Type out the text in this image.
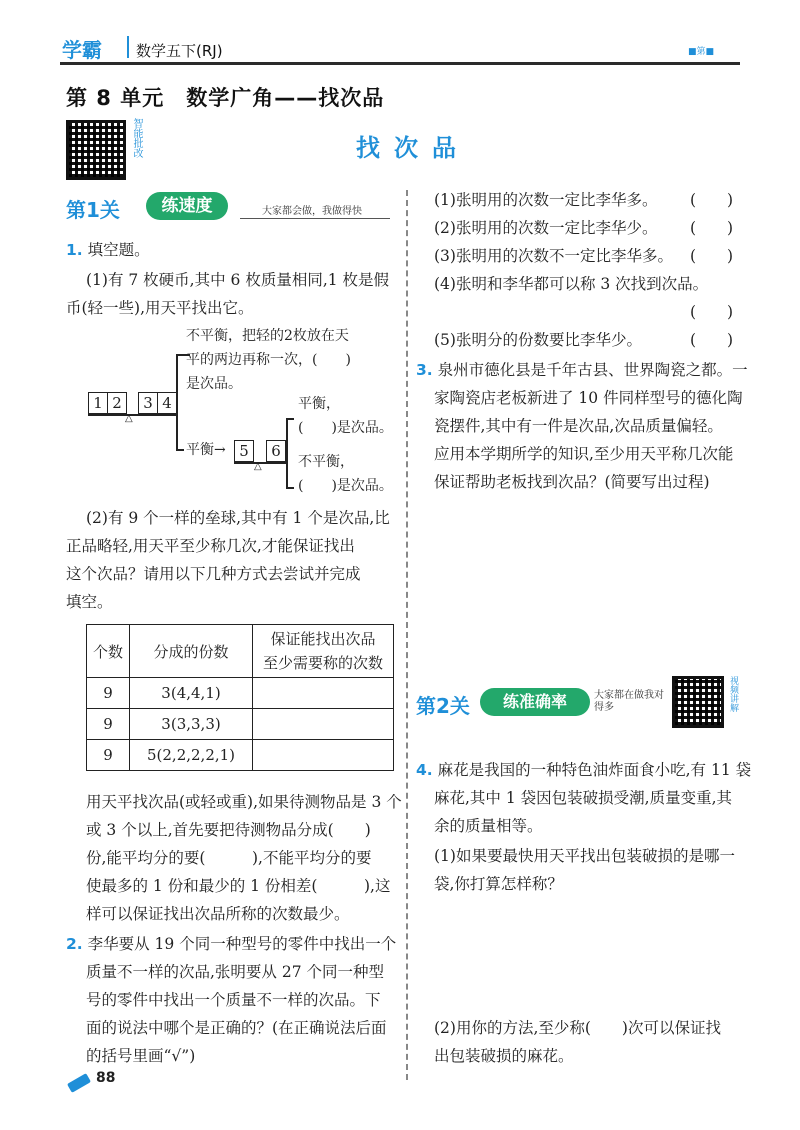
学霸 数学五下(RJ)	■第■
第 8 单元　数学广角——找次品
智能批改	找次品
第1关	练速度	大家都会做，我做得快
1. 填空题。
(1)有 7 枚硬币,其中 6 枚质量相同,1 枚是假
币(轻一些),用天平找出它。
1 2	3 4
△
不平衡，把轻的2枚放在天
平的两边再称一次，(　　)
是次品。
平衡→ 5	6
△
平衡，
(　　)是次品。
不平衡，
(　　)是次品。
(2)有 9 个一样的垒球,其中有 1 个是次品,比
正品略轻,用天平至少称几次,才能保证找出
这个次品？请用以下几种方式去尝试并完成
填空。
个数	分成的份数	保证能找出次品
至少需要称的次数

9	3(4,4,1)	
9	3(3,3,3)	
9	5(2,2,2,2,1)	
用天平找次品(或轻或重),如果待测物品是 3 个
或 3 个以上,首先要把待测物品分成(　　)
份,能平均分的要(　　　),不能平均分的要
使最多的 1 份和最少的 1 份相差(　　　),这
样可以保证找出次品所称的次数最少。
2. 李华要从 19 个同一种型号的零件中找出一个
质量不一样的次品,张明要从 27 个同一种型
号的零件中找出一个质量不一样的次品。下
面的说法中哪个是正确的？(在正确说法后面
的括号里画“√”)
(1)张明用的次数一定比李华多。 (　　)
(2)张明用的次数一定比李华少。 (　　)
(3)张明用的次数不一定比李华多。 (　　)
(4)张明和李华都可以称 3 次找到次品。
(　　)
(5)张明分的份数要比李华少。	(　　)
3. 泉州市德化县是千年古县、世界陶瓷之都。一
家陶瓷店老板新进了 10 件同样型号的德化陶
瓷摆件,其中有一件是次品,次品质量偏轻。
应用本学期所学的知识,至少用天平称几次能
保证帮助老板找到次品？(简要写出过程)
第2关	练准确率	大家都在做我对得多	视频讲解
4. 麻花是我国的一种特色油炸面食小吃,有 11 袋
麻花,其中 1 袋因包装破损受潮,质量变重,其
余的质量相等。
(1)如果要最快用天平找出包装破损的是哪一
袋,你打算怎样称？
(2)用你的方法,至少称(　　)次可以保证找
出包装破损的麻花。
88
